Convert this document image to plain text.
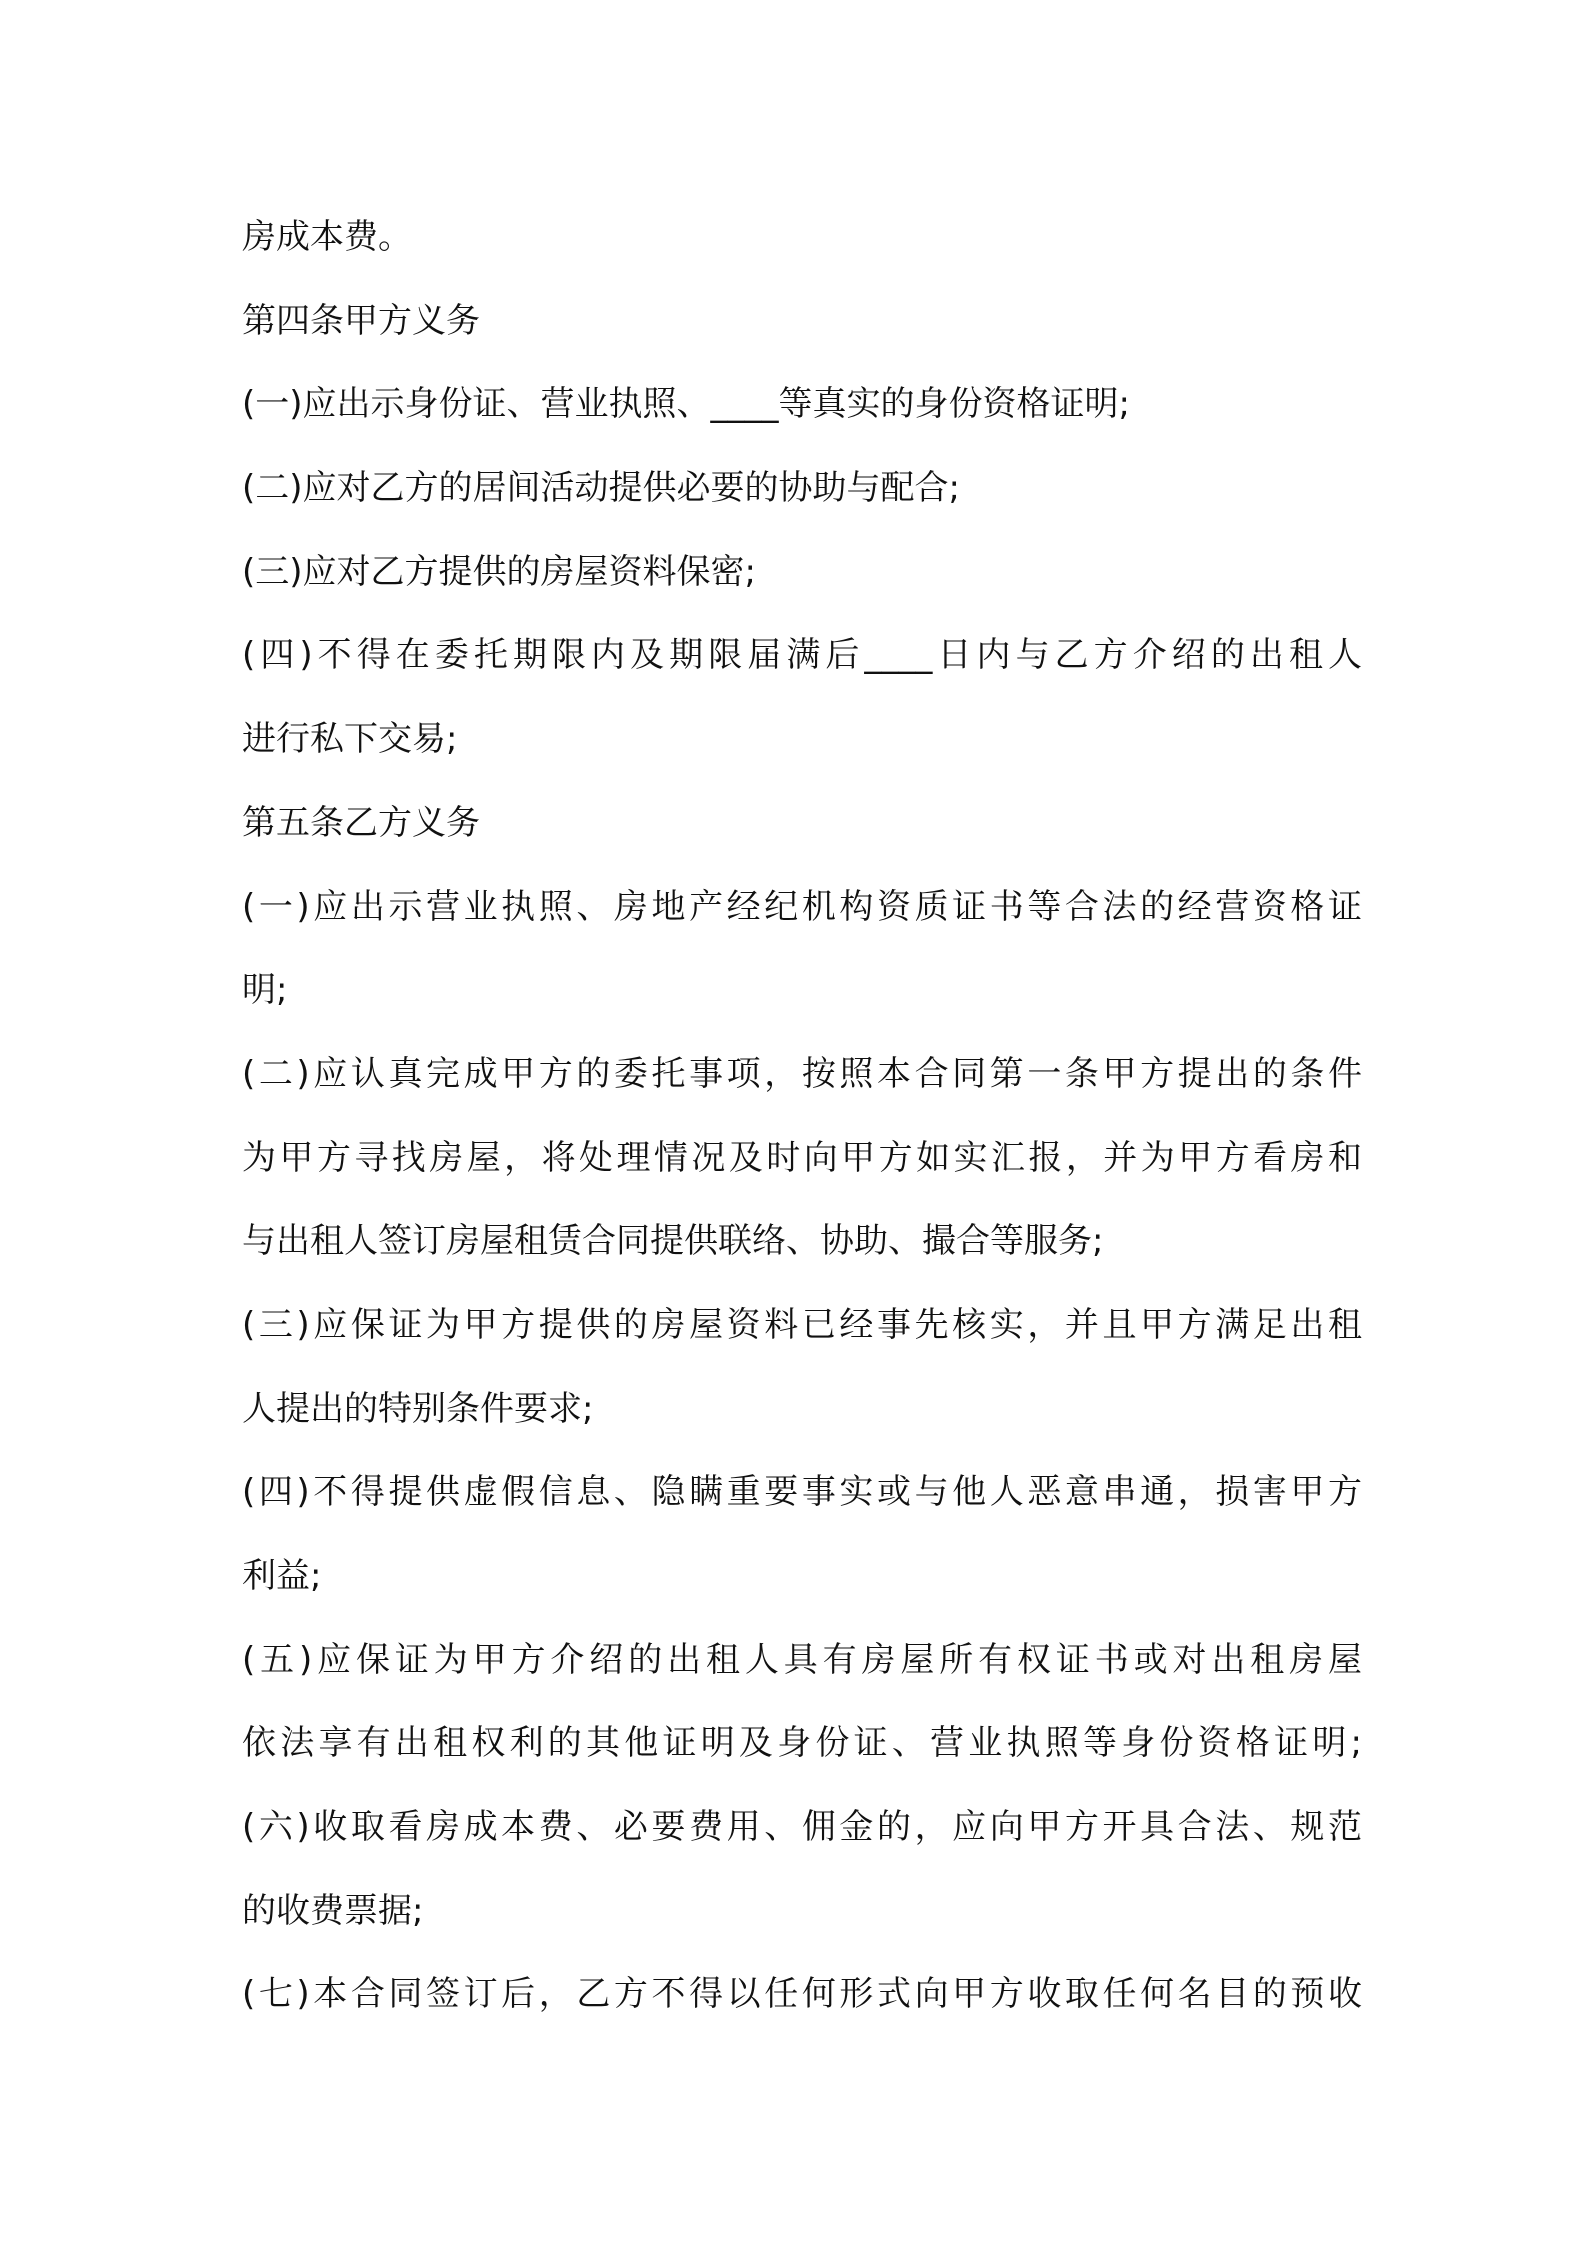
房成本费。
第四条甲方义务
(一)应出示身份证、营业执照、____等真实的身份资格证明;
(二)应对乙方的居间活动提供必要的协助与配合;
(三)应对乙方提供的房屋资料保密;
(四)不得在委托期限内及期限届满后____日内与乙方介绍的出租人
进行私下交易;
第五条乙方义务
(一)应出示营业执照、房地产经纪机构资质证书等合法的经营资格证
明;
(二)应认真完成甲方的委托事项，按照本合同第一条甲方提出的条件
为甲方寻找房屋，将处理情况及时向甲方如实汇报，并为甲方看房和
与出租人签订房屋租赁合同提供联络、协助、撮合等服务;
(三)应保证为甲方提供的房屋资料已经事先核实，并且甲方满足出租
人提出的特别条件要求;
(四)不得提供虚假信息、隐瞒重要事实或与他人恶意串通，损害甲方
利益;
(五)应保证为甲方介绍的出租人具有房屋所有权证书或对出租房屋
依法享有出租权利的其他证明及身份证、营业执照等身份资格证明;
(六)收取看房成本费、必要费用、佣金的，应向甲方开具合法、规范
的收费票据;
(七)本合同签订后，乙方不得以任何形式向甲方收取任何名目的预收
